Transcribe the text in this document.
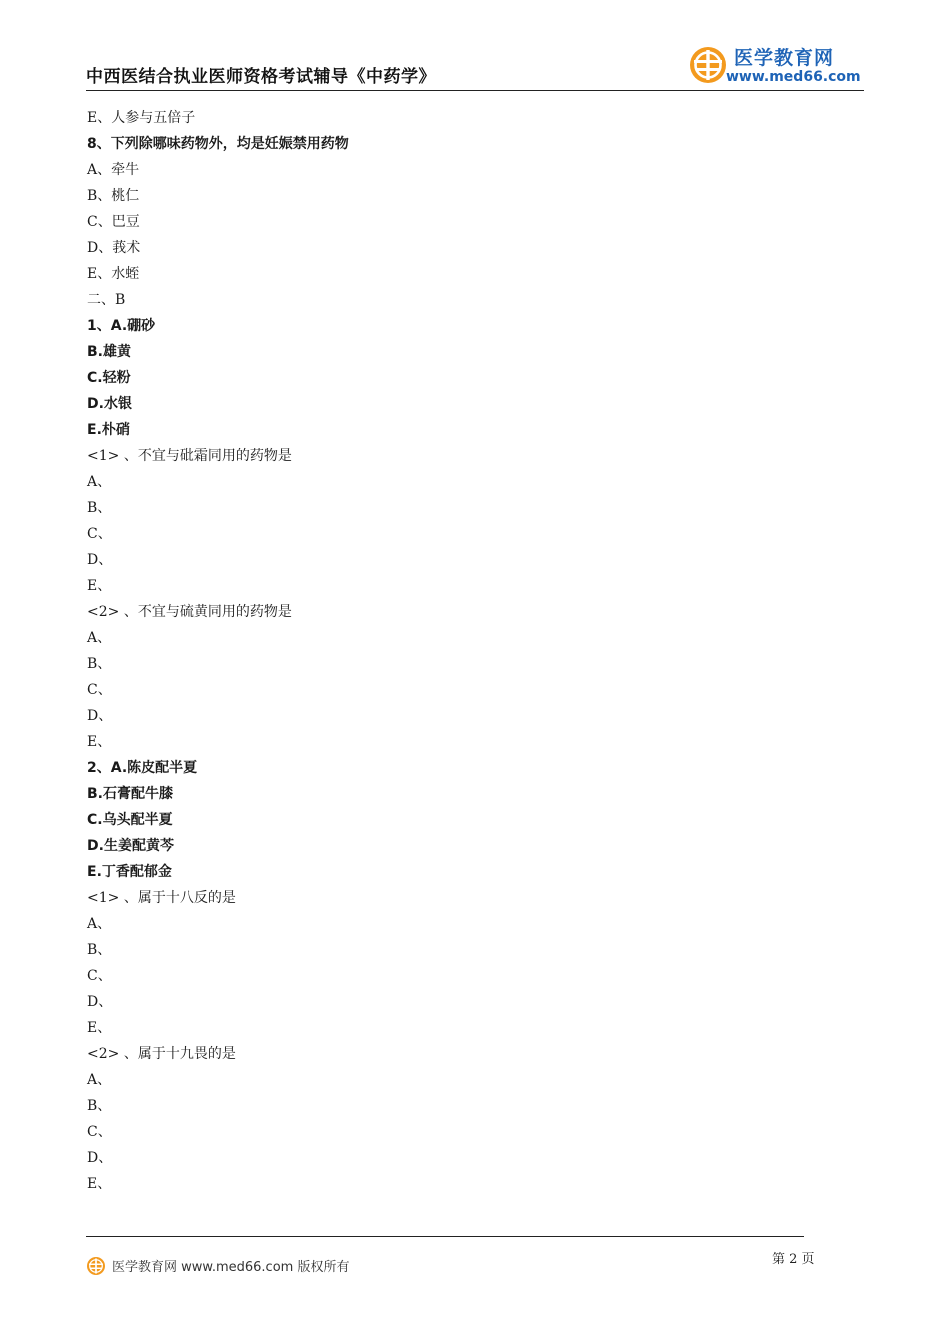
中西医结合执业医师资格考试辅导《中药学》
医学教育网
www.med66.com
E、人参与五倍子
8、下列除哪味药物外，均是妊娠禁用药物
A、牵牛
B、桃仁
C、巴豆
D、莪术
E、水蛭
二、B
1、A.硼砂
B.雄黄
C.轻粉
D.水银
E.朴硝
<1> 、不宜与砒霜同用的药物是
A、
B、
C、
D、
E、
<2> 、不宜与硫黄同用的药物是
A、
B、
C、
D、
E、
2、A.陈皮配半夏
B.石膏配牛膝
C.乌头配半夏
D.生姜配黄芩
E.丁香配郁金
<1> 、属于十八反的是
A、
B、
C、
D、
E、
<2> 、属于十九畏的是
A、
B、
C、
D、
E、
第 2 页
医学教育网 www.med66.com 版权所有
